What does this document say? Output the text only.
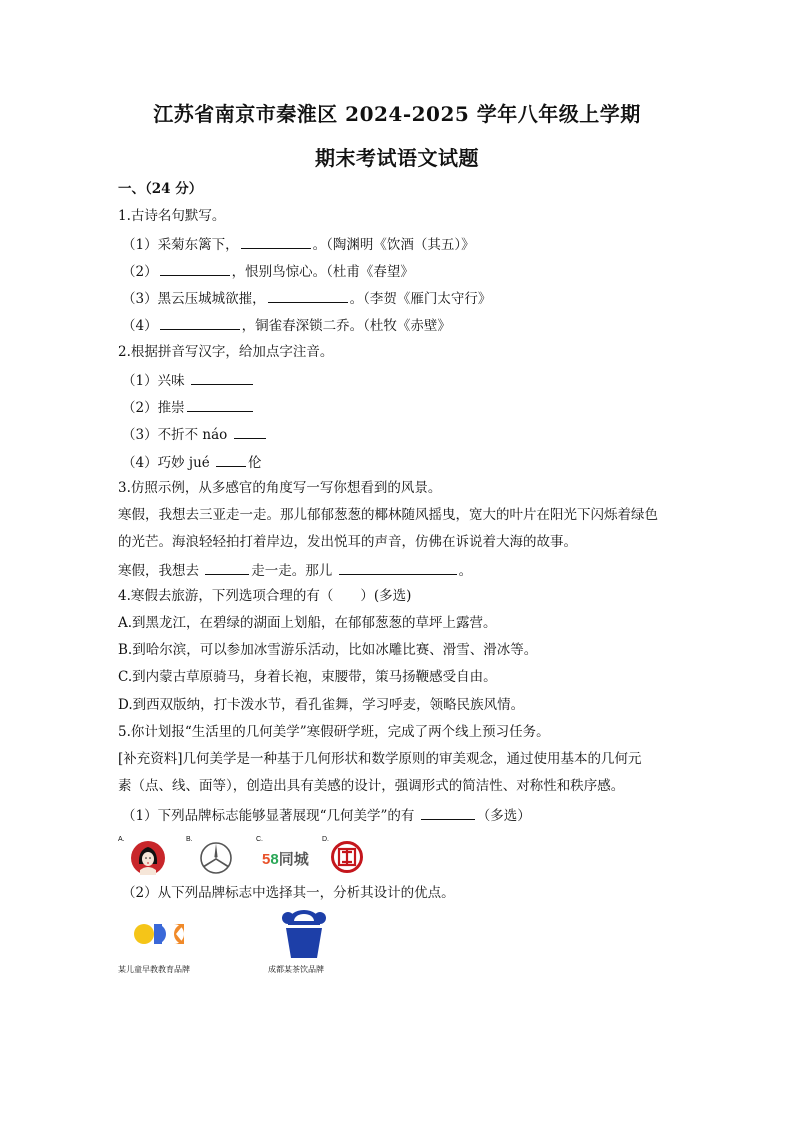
江苏省南京市秦淮区 2024-2025 学年八年级上学期
期末考试语文试题
一、（24 分）
1.古诗名句默写。
（1）采菊东篱下，	。（陶渊明《饮酒（其五）》
（2）	，恨别鸟惊心。（杜甫《春望》
（3）黑云压城城欲摧，	。（李贺《雁门太守行》
（4）	，铜雀春深锁二乔。（杜牧《赤壁》
2.根据拼音写汉字，给加点字注音。
（1）兴味
（2）推崇
（3）不折不 náo
（4）巧妙 jué	伦
3.仿照示例，从多感官的角度写一写你想看到的风景。
寒假，我想去三亚走一走。那儿郁郁葱葱的椰林随风摇曳，宽大的叶片在阳光下闪烁着绿色
的光芒。海浪轻轻拍打着岸边，发出悦耳的声音，仿佛在诉说着大海的故事。
寒假，我想去	走一走。那儿	。
4.寒假去旅游，下列选项合理的有（　　）(多选)
A.到黑龙江，在碧绿的湖面上划船，在郁郁葱葱的草坪上露营。
B.到哈尔滨，可以参加冰雪游乐活动，比如冰雕比赛、滑雪、滑冰等。
C.到内蒙古草原骑马，身着长袍，束腰带，策马扬鞭感受自由。
D.到西双版纳，打卡泼水节，看孔雀舞，学习呼麦，领略民族风情。
5.你计划报“生活里的几何美学”寒假研学班，完成了两个线上预习任务。
[补充资料]几何美学是一种基于几何形状和数学原则的审美观念，通过使用基本的几何元
素（点、线、面等），创造出具有美感的设计，强调形式的简洁性、对称性和秩序感。
（1）下列品牌标志能够显著展现“几何美学”的有	（多选）
A.	B.	C.
58同城
D.
（2）从下列品牌标志中选择其一，分析其设计的优点。
某儿童早教教育品牌	成都某茶饮品牌
